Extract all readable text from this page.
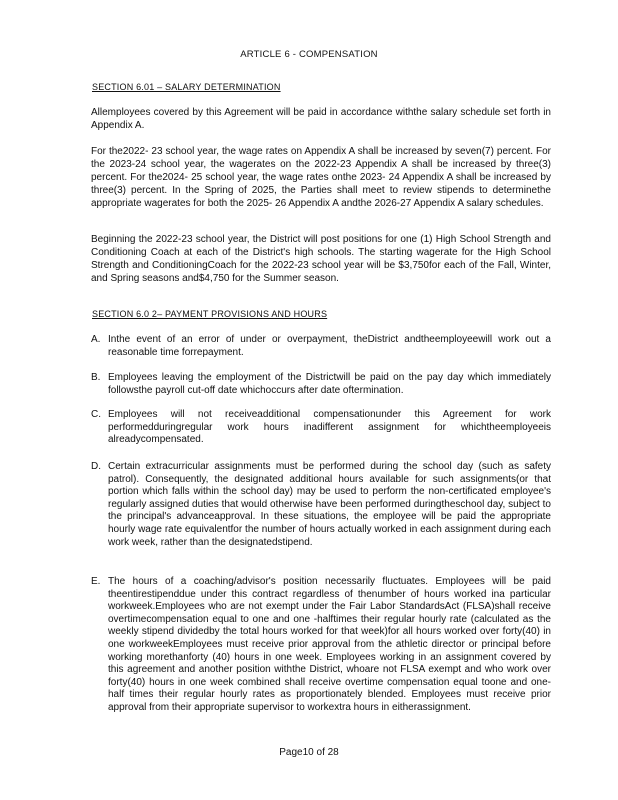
ARTICLE 6 - COMPENSATION
SECTION 6.01 – SALARY DETERMINATION
Allemployees covered by this Agreement will be paid in accordance withthe salary schedule set forth in Appendix A.
For the2022- 23 school year, the wage rates on Appendix A shall be increased by seven(7) percent. For the 2023-24 school year, the wagerates on the 2022-23 Appendix A shall be increased by three(3) percent. For the2024- 25 school year, the wage rates onthe 2023- 24 Appendix A shall be increased by three(3) percent. In the Spring of 2025, the Parties shall meet to review stipends to determinethe appropriate wagerates for both the 2025- 26 Appendix A andthe 2026-27 Appendix A salary schedules.
Beginning the 2022-23 school year, the District will post positions for one (1) High School Strength and Conditioning Coach at each of the District's high schools. The starting wagerate for the High School Strength and ConditioningCoach for the 2022-23 school year will be $3,750for each of the Fall, Winter, and Spring seasons and$4,750 for the Summer season.
SECTION 6.0 2– PAYMENT PROVISIONS AND HOURS
A. Inthe event of an error of under or overpayment, theDistrict andtheemployeewill work out a reasonable time forrepayment.
B. Employees leaving the employment of the Districtwill be paid on the pay day which immediately followsthe payroll cut-off date whichoccurs after date oftermination.
C. Employees will not receiveadditional compensationunder this Agreement for work performedduringregular work hours inadifferent assignment for whichtheemployeeis alreadycompensated.
D. Certain extracurricular assignments must be performed during the school day (such as safety patrol). Consequently, the designated additional hours available for such assignments(or that portion which falls within the school day) may be used to perform the non-certificated employee's regularly assigned duties that would otherwise have been performed duringtheschool day, subject to the principal's advanceapproval. In these situations, the employee will be paid the appropriate hourly wage rate equivalentfor the number of hours actually worked in each assignment during each work week, rather than the designatedstipend.
E. The hours of a coaching/advisor's position necessarily fluctuates. Employees will be paid theentirestipenddue under this contract regardless of thenumber of hours worked ina particular workweek.Employees who are not exempt under the Fair Labor StandardsAct (FLSA)shall receive overtimecompensation equal to one and one -halftimes their regular hourly rate (calculated as the weekly stipend dividedby the total hours worked for that week)for all hours worked over forty(40) in one workweekEmployees must receive prior approval from the athletic director or principal before working morethanforty (40) hours in one week. Employees working in an assignment covered by this agreement and another position withthe District, whoare not FLSA exempt and who work over forty(40) hours in one week combined shall receive overtime compensation equal toone and one- half times their regular hourly rates as proportionately blended. Employees must receive prior approval from their appropriate supervisor to workextra hours in eitherassignment.
Page10 of 28
